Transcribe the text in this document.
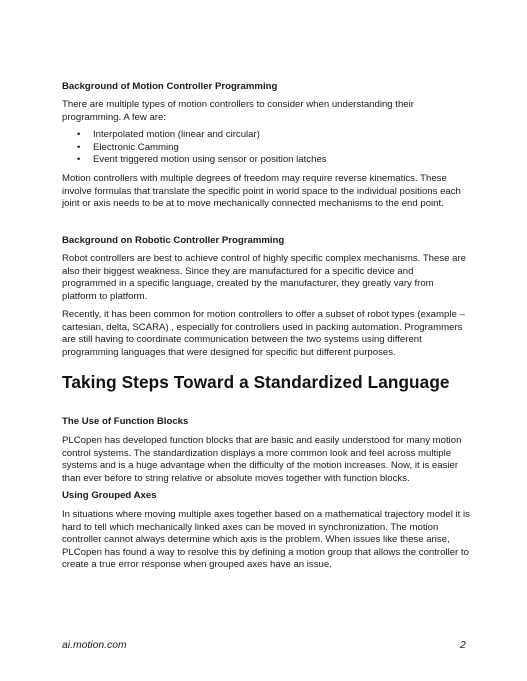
Background of Motion Controller Programming

There are multiple types of motion controllers to consider when understanding their programming. A few are:

• Interpolated motion (linear and circular)
• Electronic Camming
• Event triggered motion using sensor or position latches

Motion controllers with multiple degrees of freedom may require reverse kinematics. These involve formulas that translate the specific point in world space to the individual positions each joint or axis needs to be at to move mechanically connected mechanisms to the end point.

Background on Robotic Controller Programming

Robot controllers are best to achieve control of highly specific complex mechanisms. These are also their biggest weakness. Since they are manufactured for a specific device and programmed in a specific language, created by the manufacturer, they greatly vary from platform to platform.

Recently, it has been common for motion controllers to offer a subset of robot types (example – cartesian, delta, SCARA) , especially for controllers used in packing automation. Programmers are still having to coordinate communication between the two systems using different programming languages that were designed for specific but different purposes.

Taking Steps Toward a Standardized Language
The Use of Function Blocks

PLCopen has developed function blocks that are basic and easily understood for many motion control systems. The standardization displays a more common look and feel across multiple systems and is a huge advantage when the difficulty of the motion increases. Now, it is easier than ever before to string relative or absolute moves together with function blocks.

Using Grouped Axes

In situations where moving multiple axes together based on a mathematical trajectory model it is hard to tell which mechanically linked axes can be moved in synchronization. The motion controller cannot always determine which axis is the problem. When issues like these arise, PLCopen has found a way to resolve this by defining a motion group that allows the controller to create a true error response when grouped axes have an issue.

ai.motion.com	2
